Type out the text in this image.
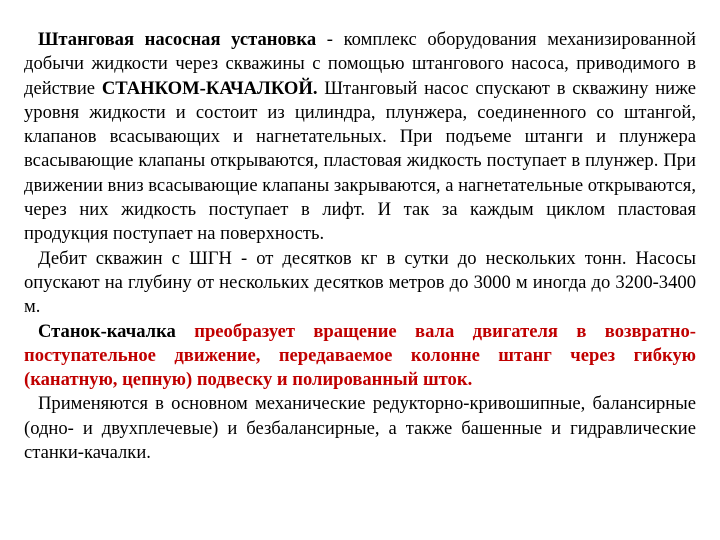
Штанговая насосная установка - комплекс оборудования механизированной добычи жидкости через скважины с помощью штангового насоса, приводимого в действие СТАНКОМ-КАЧАЛКОЙ. Штанговый насос спускают в скважину ниже уровня жидкости и состоит из цилиндра, плунжера, соединенного со штангой, клапанов всасывающих и нагнетательных. При подъеме штанги и плунжера всасывающие клапаны открываются, пластовая жидкость поступает в плунжер. При движении вниз всасывающие клапаны закрываются, а нагнетательные открываются, через них жидкость поступает в лифт. И так за каждым циклом пластовая продукция поступает на поверхность.

Дебит скважин с ШГН - от десятков кг в сутки до нескольких тонн. Насосы опускают на глубину от нескольких десятков метров до 3000 м иногда до 3200-3400 м.

Станок-качалка преобразует вращение вала двигателя в возвратно-поступательное движение, передаваемое колонне штанг через гибкую (канатную, цепную) подвеску и полированный шток.

Применяются в основном механические редукторно-кривошипные, балансирные (одно- и двухплечевые) и безбалансирные, а также башенные и гидравлические станки-качалки.
